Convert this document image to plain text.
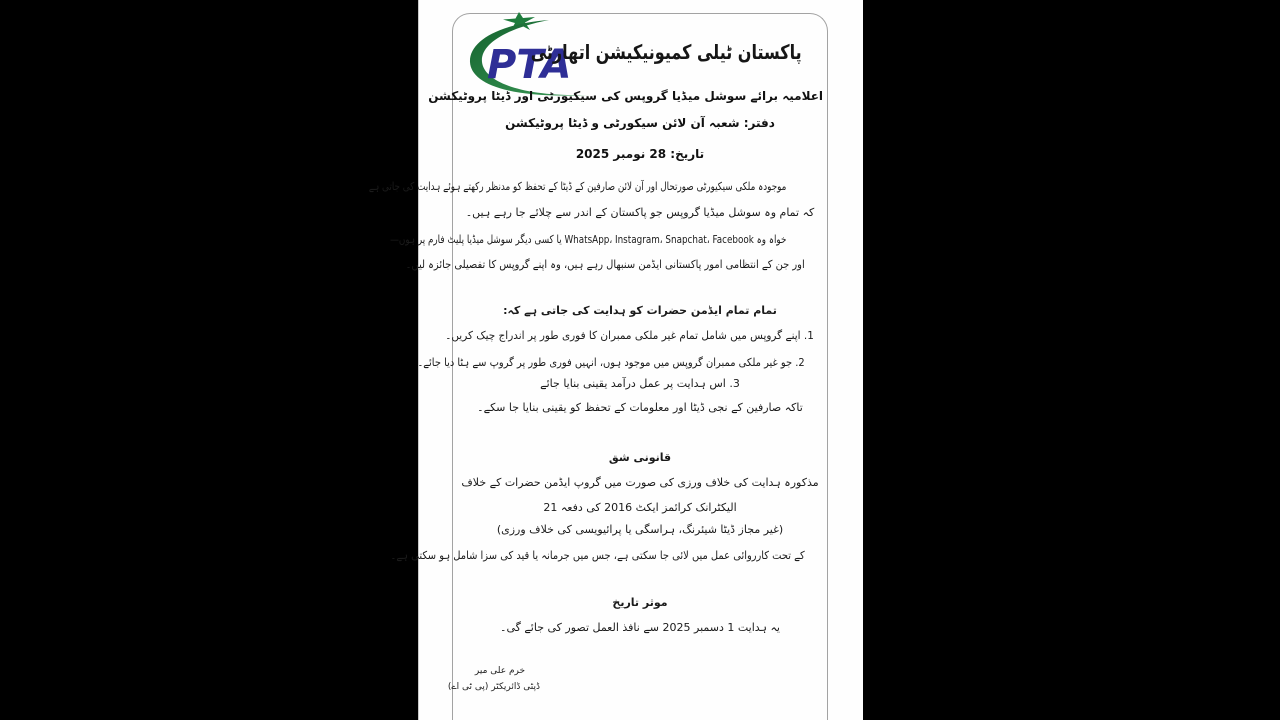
PTA
پاکستان ٹیلی کمیونیکیشن اتھارٹی
اعلامیہ برائے سوشل میڈیا گروپس کی سیکیورٹی اور ڈیٹا پروٹیکشن
دفتر: شعبہ آن لائن سیکورٹی و ڈیٹا پروٹیکشن
تاریخ: 28 نومبر 2025
موجودہ ملکی سیکیورٹی صورتحال اور آن لائن صارفین کے ڈیٹا کے تحفظ کو مدنظر رکھتے ہوئے ہدایت کی جاتی ہے
کہ تمام وہ سوشل میڈیا گروپس جو پاکستان کے اندر سے چلائے جا رہے ہیں۔
خواہ وہ WhatsApp، Instagram، Snapchat، Facebook یا کسی دیگر سوشل میڈیا پلیٹ فارم پر ہوں—
اور جن کے انتظامی امور پاکستانی ایڈمن سنبھال رہے ہیں، وہ اپنے گروپس کا تفصیلی جائزہ لیں۔
تمام تمام ایڈمن حضرات کو ہدایت کی جاتی ہے کہ:
1. اپنے گروپس میں شامل تمام غیر ملکی ممبران کا فوری طور پر اندراج چیک کریں۔
2. جو غیر ملکی ممبران گروپس میں موجود ہوں، انہیں فوری طور پر گروپ سے ہٹا دیا جائے۔
3. اس ہدایت پر عمل درآمد یقینی بنایا جائے
تاکہ صارفین کے نجی ڈیٹا اور معلومات کے تحفظ کو یقینی بنایا جا سکے۔
قانونی شق
مذکورہ ہدایت کی خلاف ورزی کی صورت میں گروپ ایڈمن حضرات کے خلاف
الیکٹرانک کرائمز ایکٹ 2016 کی دفعہ 21
(غیر مجاز ڈیٹا شیئرنگ، ہراسگی یا پرائیویسی کی خلاف ورزی)
کے تحت کارروائی عمل میں لائی جا سکتی ہے، جس میں جرمانہ یا قید کی سزا شامل ہو سکتی ہے۔
موثر تاریخ
یہ ہدایت 1 دسمبر 2025 سے نافذ العمل تصور کی جائے گی۔
خرم علی میر
ڈپٹی ڈائریکٹر (پی ٹی اے)
